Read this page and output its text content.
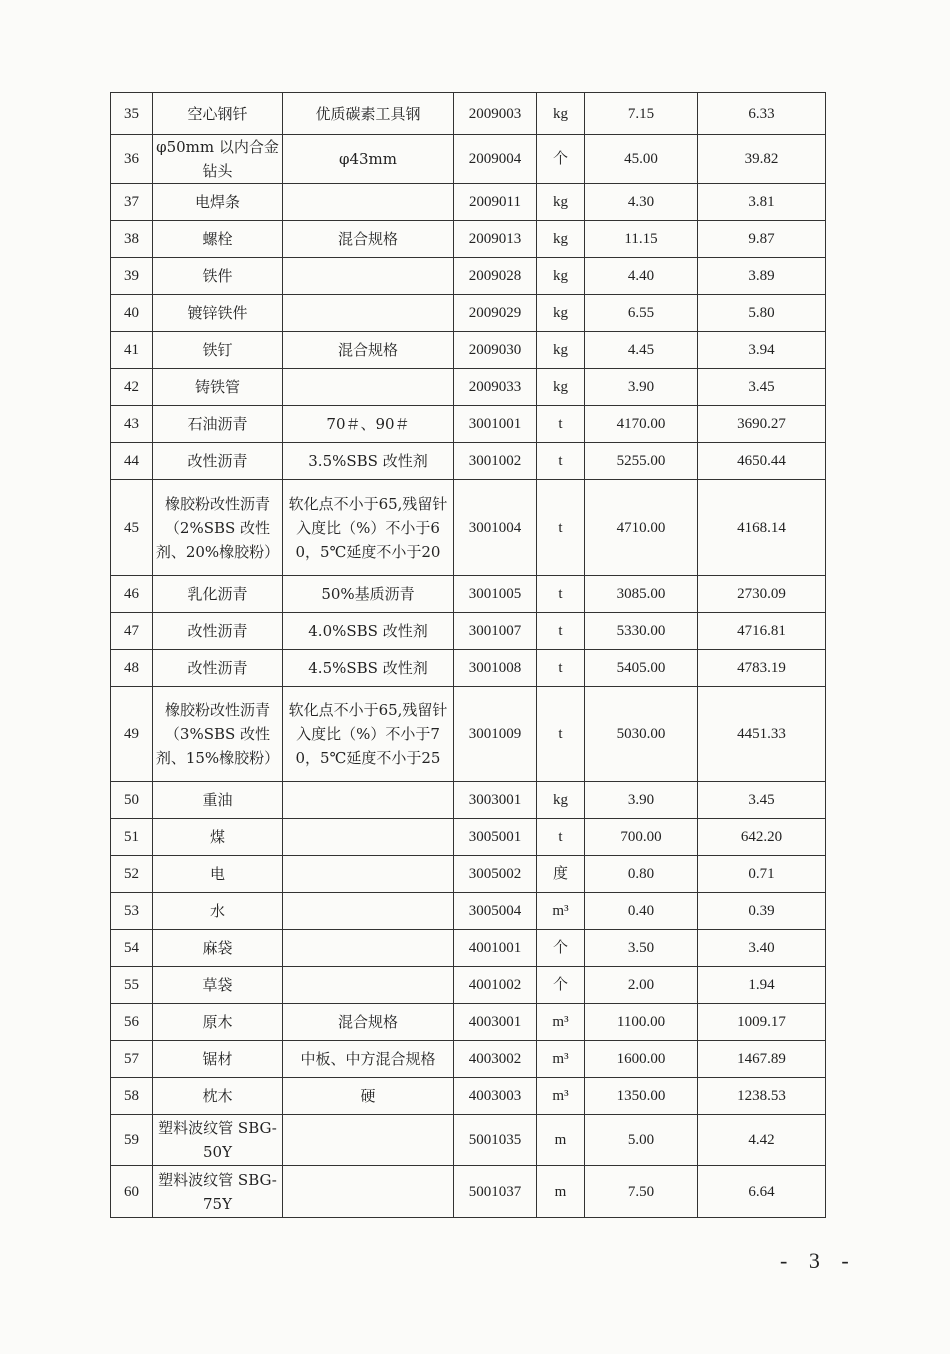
35	空心钢钎	优质碳素工具钢	2009003	kg	7.15	6.33
36	φ50mm 以内合金钻头	φ43mm	2009004	个	45.00	39.82
37	电焊条		2009011	kg	4.30	3.81
38	螺栓	混合规格	2009013	kg	11.15	9.87
39	铁件		2009028	kg	4.40	3.89
40	镀锌铁件		2009029	kg	6.55	5.80
41	铁钉	混合规格	2009030	kg	4.45	3.94
42	铸铁管		2009033	kg	3.90	3.45
43	石油沥青	70＃、90＃	3001001	t	4170.00	3690.27
44	改性沥青	3.5%SBS 改性剂	3001002	t	5255.00	4650.44
45	橡胶粉改性沥青（2%SBS 改性剂、20%橡胶粉）	软化点不小于65,残留针入度比（%）不小于60，5℃延度不小于20	3001004	t	4710.00	4168.14
46	乳化沥青	50%基质沥青	3001005	t	3085.00	2730.09
47	改性沥青	4.0%SBS 改性剂	3001007	t	5330.00	4716.81
48	改性沥青	4.5%SBS 改性剂	3001008	t	5405.00	4783.19
49	橡胶粉改性沥青（3%SBS 改性剂、15%橡胶粉）	软化点不小于65,残留针入度比（%）不小于70，5℃延度不小于25	3001009	t	5030.00	4451.33
50	重油		3003001	kg	3.90	3.45
51	煤		3005001	t	700.00	642.20
52	电		3005002	度	0.80	0.71
53	水		3005004	m³	0.40	0.39
54	麻袋		4001001	个	3.50	3.40
55	草袋		4001002	个	2.00	1.94
56	原木	混合规格	4003001	m³	1100.00	1009.17
57	锯材	中板、中方混合规格	4003002	m³	1600.00	1467.89
58	枕木	硬	4003003	m³	1350.00	1238.53
59	塑料波纹管 SBG-50Y		5001035	m	5.00	4.42
60	塑料波纹管 SBG-75Y		5001037	m	7.50	6.64
- 3 -
